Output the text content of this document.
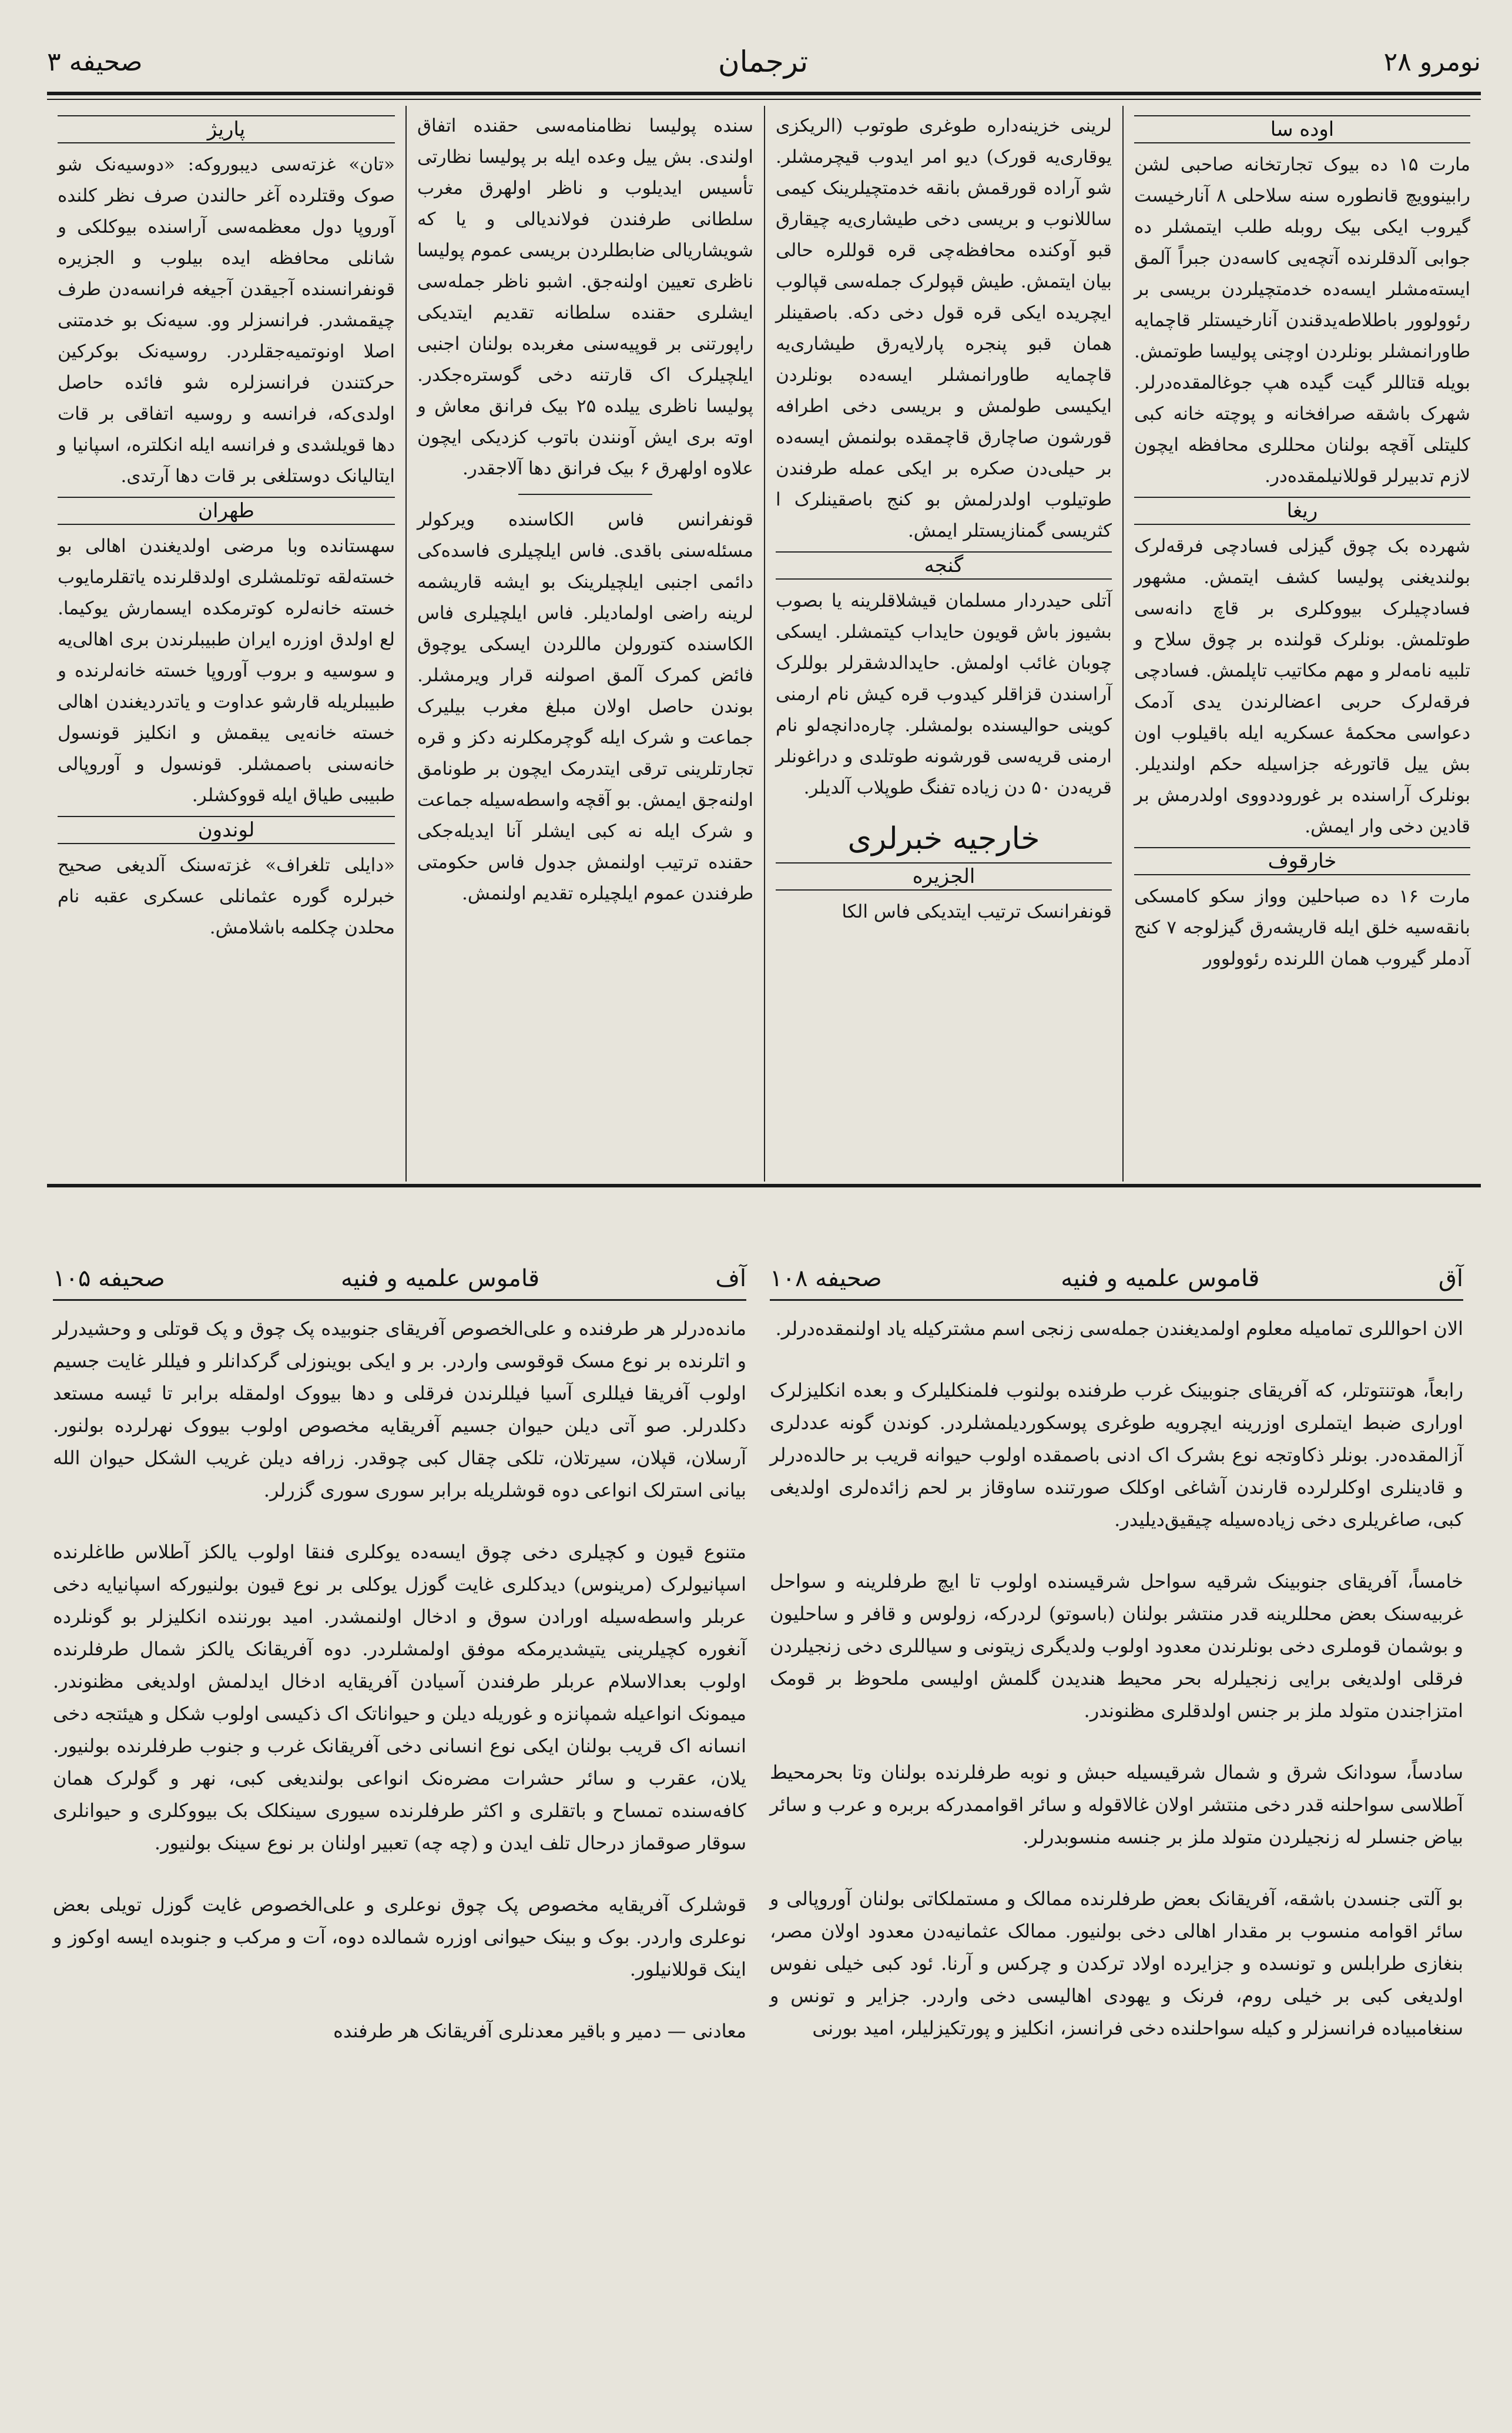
نومرو ۲۸
ترجمان
صحیفه ۳
اوده سا

مارت ۱۵ ده بیوک تجارتخانه صاحبی لشن رابینوویچ قانطوره سنه سلاحلی ۸ آنارخیست گیروب ایکی بیک روبله طلب ایتمشلر ده جوابی آلدقلرنده آتچه‌یی کاسه‌دن جبراً آلمق ایسته‌مشلر ایسه‌ده خدمتچیلردن بریسی بر رئوولوور باطلاطه‌یدقندن آنارخیستلر قاچمایه طاورانمشلر بونلردن اوچنی پولیسا طوتمش. بویله قتاللر گیت گیده هپ جوغالمقده‌درلر. شهرک باشقه صرافخانه و پوچته خانه کبی کلیتلی آقچه بولنان محللری محافظه ایچون لازم تدبیرلر قوللانیلمقده‌در.

ریغا

شهرده بک چوق گیزلی فسادچی فرقه‌لرک بولندیغنی پولیسا کشف ایتمش. مشهور فسادچیلرک بیووکلری بر قاچ دانه‌سی طوتلمش. بونلرک قولنده بر چوق سلاح و تلبیه نامه‌لر و مهم مکاتیب تاپلمش. فسادچی فرقه‌لرک حربی اعضالرندن یدی آدمک دعواسی محکمهٔ عسکریه ایله باقیلوب اون بش ییل قاتورغه جزاسیله حکم اولندیلر. بونلرک آراسنده بر غوروددووی اولدرمش بر قادین دخی وار ایمش.

خارقوف

مارت ۱۶ ده صباحلین وواز سکو کامسکی بانقه‌سیه خلق ایله قاریشه‌رق گیزلوجه ۷ کنج آدملر گیروب همان اللرنده رئوولوور

لرینی خزینه‌داره طوغری طوتوب (الریکزی یوقاری‌یه قورک) دیو امر ایدوب قیچرمشلر. شو آراده قورقمش بانقه خدمتچیلرینک کیمی ساللانوب و بریسی دخی طیشاری‌یه چیقارق قبو آوکنده محافظه‌چی قره قوللره حالی بیان ایتمش. طیش قپولرک جمله‌سی قپالوب ایچریده ایکی قره قول دخی دکه. باصقینلر همان قبو پنجره پارلایه‌رق طیشاری‌یه قاچمایه طاورانمشلر ایسه‌ده بونلردن ایکیسی طولمش و بریسی دخی اطرافه قورشون صاچارق قاچمقده بولنمش ایسه‌ده بر حیلی‌دن صکره بر ایکی عمله طرفندن طوتیلوب اولدرلمش بو کنج باصقینلرک ا کثریسی گمنازیستلر ایمش.

گنجه

آتلی حیدردار مسلمان قیشلاقلرینه یا بصوب بشیوز باش قویون حایداب کیتمشلر. ایسکی چوبان غائب اولمش. حایدالدشقرلر بوللرک آراسندن قزاقلر کیدوب قره کیش نام ارمنی کوینی حوالیسنده بولمشلر. چاره‌دانچه‌لو نام ارمنی قریه‌سی قورشونه طوتلدی و دراغونلر قریه‌دن ۵۰ دن زیاده تفنگ طوپلاب آلدیلر.

خارجیه خبرلری
الجزیره

قونفرانسک ترتیب ایتدیکی فاس الکا

سنده پولیسا نظامنامه‌سی حقنده اتفاق اولندی. بش ییل وعده ایله بر پولیسا نظارتی تأسیس ایدیلوب و ناظر اولهرق مغرب سلطانی طرفندن فولاندیالی و یا که شویشاریالی ضابطلردن بریسی عموم پولیسا ناظری تعیین اولنه‌جق. اشبو ناظر جمله‌سی ایشلری حقنده سلطانه تقدیم ایتدیکی راپورتنی بر قوپیه‌سنی مغربده بولنان اجنبی ایلچیلرک اک قارتنه دخی گوستره‌جکدر. پولیسا ناظری ییلده ۲۵ بیک فرانق معاش و اوته بری ایش آونندن باتوب کزدیکی ایچون علاوه اولهرق ۶ بیک فرانق دها آلاجقدر.

قونفرانس فاس الکاسنده ویرکولر مسئله‌سنی باقدی. فاس ایلچیلری فاسده‌کی دائمی اجنبی ایلچیلرینک بو ایشه قاریشمه لرینه راضی اولمادیلر. فاس ایلچیلری فاس الکاسنده کتورولن ماللردن ایسکی یوچوق فائض کمرک آلمق اصولنه قرار ویرمشلر. بوندن حاصل اولان مبلغ مغرب بیلیرک جماعت و شرک ایله گوچرمکلرنه دکز و قره تجارتلرینی ترقی ایتدرمک ایچون بر طونامق اولنه‌جق ایمش. بو آقچه واسطه‌سیله جماعت و شرک ایله نه کبی ایشلر آنا ایدیله‌جکی حقنده ترتیب اولنمش جدول فاس حکومتی طرفندن عموم ایلچیلره تقدیم اولنمش.

پاریژ

«تان» غزته‌سی دیبوروکه: «دوسیه‌نک شو صوک وقتلرده آغر حالندن صرف نظر کلنده آوروپا دول معظمه‌سی آراسنده بیوکلکی و شانلی محافظه ایده بیلوب و الجزیره قونفرانسنده آجیقدن آجیغه فرانسه‌دن طرف چیقمشدر. فرانسزلر وو. سیه‌نک بو خدمتنی اصلا اونوتمیه‌جقلردر. روسیه‌نک بوکرکین حرکتندن فرانسزلره شو فائده حاصل اولدی‌که، فرانسه و روسیه اتفاقی بر قات دها قویلشدی و فرانسه ایله انکلتره، اسپانیا و ایتالیانک دوستلغی بر قات دها آرتدی.

طهران

سهستانده وبا مرضی اولدیغندن اهالی بو خسته‌لقه توتلمشلری اولدقلرنده یاتقلرمایوب خسته خانه‌لره کوترمکده ایسمارش یوکیما. لع اولدق اوزره ایران طبیبلرندن بری اهالی‌یه و سوسیه و بروب آوروپا خسته خانه‌لرنده و طبیبلریله قارشو عداوت و یاتدردیغندن اهالی خسته خانه‌یی یبقمش و انکلیز قونسول خانه‌سنی باصمشلر. قونسول و آوروپالی طبیبی طیاق ایله قووکشلر.

لوندون

«دایلی تلغراف» غزته‌سنک آلدیغی صحیح خبرلره گوره عثمانلی عسکری عقبه نام محلدن چکلمه باشلامش.

آق
قاموس علمیه و فنیه
صحیفه ۱۰۸

الان احواللری تمامیله معلوم اولمدیغندن جمله‌سی زنجی اسم مشترکیله یاد اولنمقده‌درلر.

رابعاً، هوتنتوتلر، که آفریقای جنوبینک غرب طرفنده بولنوب فلمنکلیلرک و بعده انکلیزلرک اوراری ضبط ایتملری اوزرینه ایچرویه طوغری پوسکوردیلمشلردر. کوندن گونه عددلری آزالمقده‌در. بونلر ذکاوتجه نوع بشرک اک ادنی باصمقده اولوب حیوانه قریب بر حالده‌درلر و قادینلری اوکلرلرده قارندن آشاغی اوکلک صورتنده ساوقاز بر لحم زائده‌لری اولدیغی کبی، صاغریلری دخی زیاده‌سیله چیقیق‌دیلیدر.

خامساً، آفریقای جنوبینک شرقیه سواحل شرقیسنده اولوب تا ایچ طرفلرینه و سواحل غربیه‌سنک بعض محللرینه قدر منتشر بولنان (باسوتو) لردرکه، زولوس و قافر و ساحلیون و بوشمان قوملری دخی بونلرندن معدود اولوب ولدیگری زیتونی و سیاللری دخی زنجیلردن فرقلی اولدیغی برایی زنجیلرله بحر محیط هندیدن گلمش اولیسی ملحوظ بر قومک امتزاجندن متولد ملز بر جنس اولدقلری مظنوندر.

سادساً، سودانک شرق و شمال شرقیسیله حبش و نوبه طرفلرنده بولنان وتا بحرمحیط آطلاسی سواحلنه قدر دخی منتشر اولان غالاقوله و سائر اقواممدرکه بربره و عرب و سائر بیاض جنسلر له زنجیلردن متولد ملز بر جنسه منسوبدرلر.

بو آلتی جنسدن باشقه، آفریقانک بعض طرفلرنده ممالک و مستملکاتی بولنان آوروپالی و سائر اقوامه منسوب بر مقدار اهالی دخی بولنیور. ممالک عثمانیه‌دن معدود اولان مصر، بنغازی طرابلس و تونسده و جزایرده اولاد ترکدن و چرکس و آرنا. ئود کبی خیلی نفوس اولدیغی کبی بر خیلی روم، فرنک و یهودی اهالیسی دخی واردر. جزایر و تونس و سنغامبیاده فرانسزلر و کیله سواحلنده دخی فرانسز، انکلیز و پورتکیزلیلر، امید بورنی

آف
قاموس علمیه و فنیه
صحیفه ۱۰۵

مانده‌درلر هر طرفنده و علی‌الخصوص آفریقای جنوبیده پک چوق و پک قوتلی و وحشیدرلر و اتلرنده بر نوع مسک قوقوسی واردر. بر و ایکی بوینوزلی گرکدانلر و فیللر غایت جسیم اولوب آفریقا فیللری آسیا فیللرندن فرقلی و دها بیووک اولمقله برابر تا ئیسه مستعد دکلدرلر. صو آتی دیلن حیوان جسیم آفریقایه مخصوص اولوب بیووک نهرلرده بولنور. آرسلان، قپلان، سیرتلان، تلکی چقال کبی چوقدر. زرافه دیلن غریب الشکل حیوان الله بیانی استرلک انواعی دوه قوشلریله برابر سوری سوری گزرلر.

متنوع قیون و کچیلری دخی چوق ایسه‌ده یوکلری فنقا اولوب یالکز آطلاس طاغلرنده اسپانیولرک (مرینوس) دیدکلری غایت گوزل یوکلی بر نوع قیون بولنیورکه اسپانیایه دخی عربلر واسطه‌سیله اورادن سوق و ادخال اولنمشدر. امید بورننده انکلیزلر بو گونلرده آنغوره کچیلرینی یتیشدیرمکه موفق اولمشلردر. دوه آفریقانک یالکز شمال طرفلرنده اولوب بعدالاسلام عربلر طرفندن آسیادن آفریقایه ادخال ایدلمش اولدیغی مظنوندر. میمونک انواعیله شمپانزه و غوریله دیلن و حیواناتک اک ذکیسی اولوب شکل و هیئتجه دخی انسانه اک قریب بولنان ایکی نوع انسانی دخی آفریقانک غرب و جنوب طرفلرنده بولنیور. یلان، عقرب و سائر حشرات مضره‌نک انواعی بولندیغی کبی، نهر و گولرک همان کافه‌سنده تمساح و باتقلری و اکثر طرفلرنده سیوری سینکلک بک بیووکلری و حیوانلری سوقار صوقماز درحال تلف ایدن و (چه چه) تعبیر اولنان بر نوع سینک بولنیور.

قوشلرک آفریقایه مخصوص پک چوق نوعلری و علی‌الخصوص غایت گوزل تویلی بعض نوعلری واردر. بوک و بینک حیوانی اوزره شمالده دوه، آت و مرکب و جنوبده ایسه اوکوز و اینک قوللانیلور.

معادنی — دمیر و باقیر معدنلری آفریقانک هر طرفنده
